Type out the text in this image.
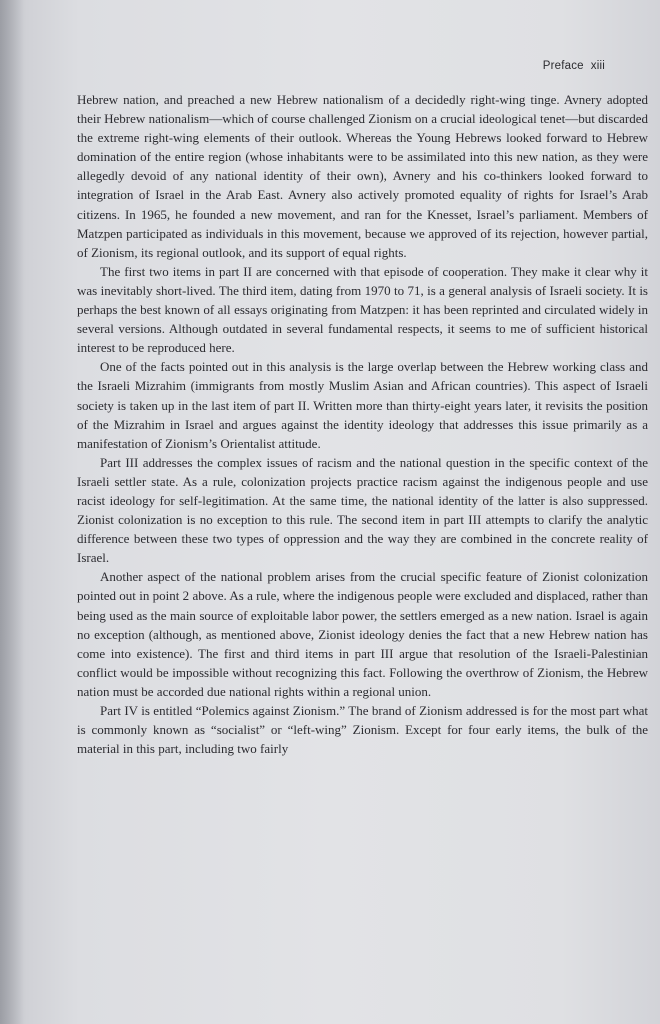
Preface xiii

Hebrew nation, and preached a new Hebrew nationalism of a decidedly right-wing tinge. Avnery adopted their Hebrew nationalism—which of course challenged Zionism on a crucial ideological tenet—but discarded the extreme right-wing elements of their outlook. Whereas the Young Hebrews looked forward to Hebrew domination of the entire region (whose inhabitants were to be assimilated into this new nation, as they were allegedly devoid of any national identity of their own), Avnery and his co-thinkers looked forward to integration of Israel in the Arab East. Avnery also actively promoted equality of rights for Israel’s Arab citizens. In 1965, he founded a new movement, and ran for the Knesset, Israel’s parliament. Members of Matzpen participated as individuals in this movement, because we approved of its rejection, however partial, of Zionism, its regional outlook, and its support of equal rights.

The first two items in part II are concerned with that episode of cooperation. They make it clear why it was inevitably short-lived. The third item, dating from 1970 to 71, is a general analysis of Israeli society. It is perhaps the best known of all essays originating from Matzpen: it has been reprinted and circulated widely in several versions. Although outdated in several fundamental respects, it seems to me of sufficient historical interest to be reproduced here.

One of the facts pointed out in this analysis is the large overlap between the Hebrew working class and the Israeli Mizrahim (immigrants from mostly Muslim Asian and African countries). This aspect of Israeli society is taken up in the last item of part II. Written more than thirty-eight years later, it revisits the position of the Mizrahim in Israel and argues against the identity ideology that addresses this issue primarily as a manifestation of Zionism’s Orientalist attitude.

Part III addresses the complex issues of racism and the national question in the specific context of the Israeli settler state. As a rule, colonization projects practice racism against the indigenous people and use racist ideology for self-legitimation. At the same time, the national identity of the latter is also suppressed. Zionist colonization is no exception to this rule. The second item in part III attempts to clarify the analytic difference between these two types of oppression and the way they are combined in the concrete reality of Israel.

Another aspect of the national problem arises from the crucial specific feature of Zionist colonization pointed out in point 2 above. As a rule, where the indigenous people were excluded and displaced, rather than being used as the main source of exploitable labor power, the settlers emerged as a new nation. Israel is again no exception (although, as mentioned above, Zionist ideology denies the fact that a new Hebrew nation has come into existence). The first and third items in part III argue that resolution of the Israeli-Palestinian conflict would be impossible without recognizing this fact. Following the overthrow of Zionism, the Hebrew nation must be accorded due national rights within a regional union.

Part IV is entitled “Polemics against Zionism.” The brand of Zionism addressed is for the most part what is commonly known as “socialist” or “left-wing” Zionism. Except for four early items, the bulk of the material in this part, including two fairly
